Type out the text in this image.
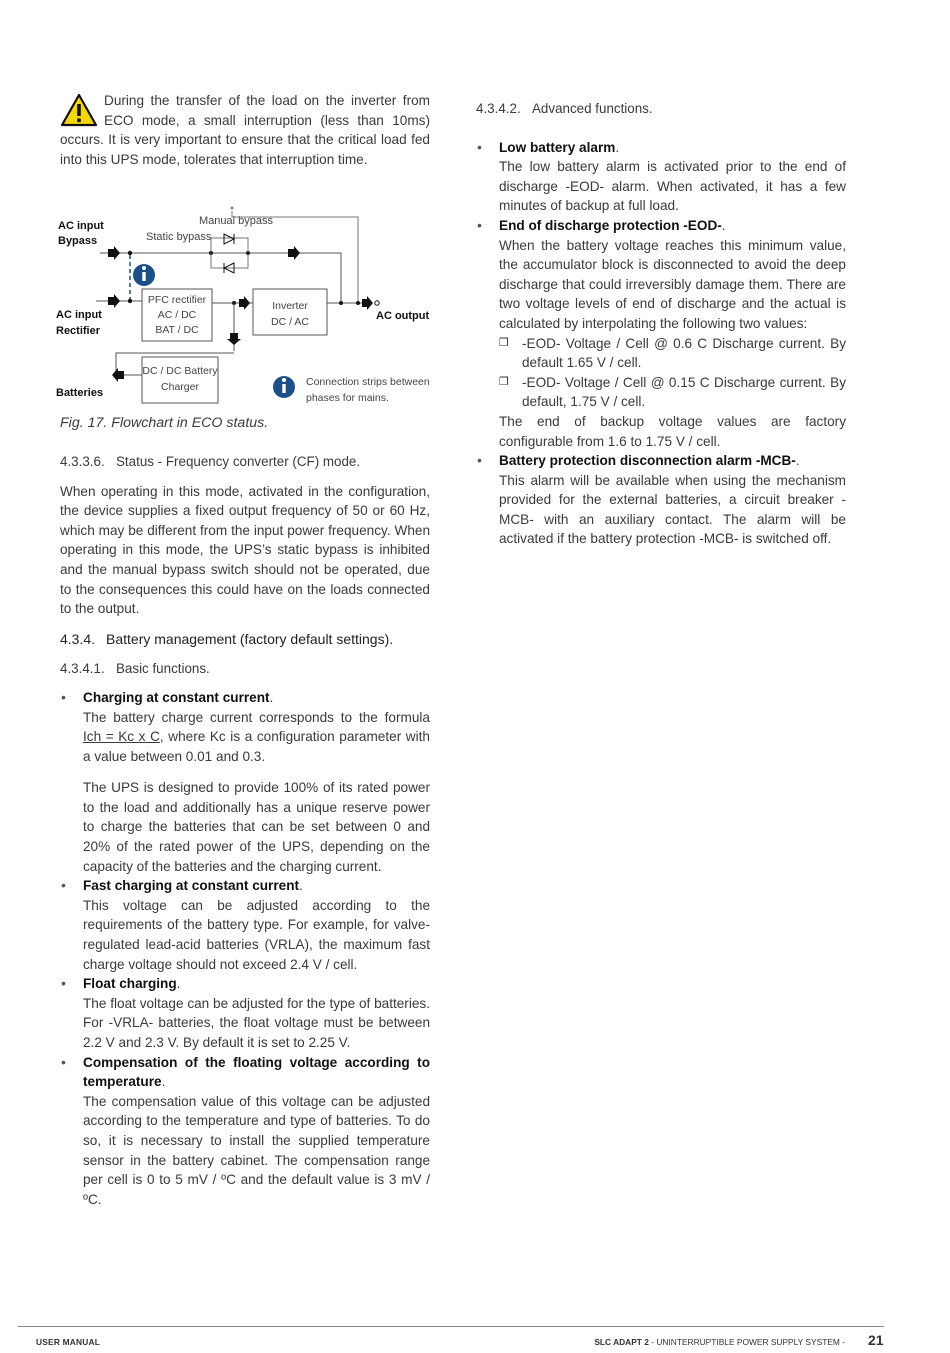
During the transfer of the load on the inverter from ECO mode, a small interruption (less than 10ms) occurs. It is very important to ensure that the critical load fed into this UPS mode, tolerates that interruption time.

AC input
Bypass
Manual bypass
Static bypass
AC input
Rectifier
AC output
Batteries
PFC rectifier
AC / DC
BAT / DC
Inverter
DC / AC
DC / DC Battery
Charger	Connection strips between
phases for mains.

Fig. 17. Flowchart in ECO status.

4.3.3.6. Status - Frequency converter (CF) mode.

When operating in this mode, activated in the configuration, the device supplies a fixed output frequency of 50 or 60 Hz, which may be different from the input power frequency. When operating in this mode, the UPS’s static bypass is inhibited and the manual bypass switch should not be operated, due to the consequences this could have on the loads connected to the output.

4.3.4. Battery management (factory default settings).

4.3.4.1. Basic functions.

• Charging at constant current.

The battery charge current corresponds to the formula Ich = Kc x C, where Kc is a configuration parameter with a value between 0.01 and 0.3.

The UPS is designed to provide 100% of its rated power to the load and additionally has a unique reserve power to charge the batteries that can be set between 0 and 20% of the rated power of the UPS, depending on the capacity of the batteries and the charging current.

• Fast charging at constant current.

This voltage can be adjusted according to the requirements of the battery type. For example, for valve-regulated lead-acid batteries (VRLA), the maximum fast charge voltage should not exceed 2.4 V / cell.

• Float charging.

The float voltage can be adjusted for the type of batteries. For -VRLA- batteries, the float voltage must be between 2.2 V and 2.3 V. By default it is set to 2.25 V.

• Compensation of the floating voltage according to temperature.

The compensation value of this voltage can be adjusted according to the temperature and type of batteries. To do so, it is necessary to install the supplied temperature sensor in the battery cabinet. The compensation range per cell is 0 to 5 mV / ºC and the default value is 3 mV / ºC.

4.3.4.2. Advanced functions.

• Low battery alarm.

The low battery alarm is activated prior to the end of discharge -EOD- alarm. When activated, it has a few minutes of backup at full load.

• End of discharge protection -EOD-.

When the battery voltage reaches this minimum value, the accumulator block is disconnected to avoid the deep discharge that could irreversibly damage them. There are two voltage levels of end of discharge and the actual is calculated by interpolating the following two values:

❒ -EOD- Voltage / Cell @ 0.6 C Discharge current. By default 1.65 V / cell.
❒ -EOD- Voltage / Cell @ 0.15 C Discharge current. By default, 1.75 V / cell.

The end of backup voltage values are factory configurable from 1.6 to 1.75 V / cell.

• Battery protection disconnection alarm -MCB-.

This alarm will be available when using the mechanism provided for the external batteries, a circuit breaker -MCB- with an auxiliary contact. The alarm will be activated if the battery protection -MCB- is switched off.

USER MANUAL	SLC ADAPT 2 - UNINTERRUPTIBLE POWER SUPPLY SYSTEM - 21
